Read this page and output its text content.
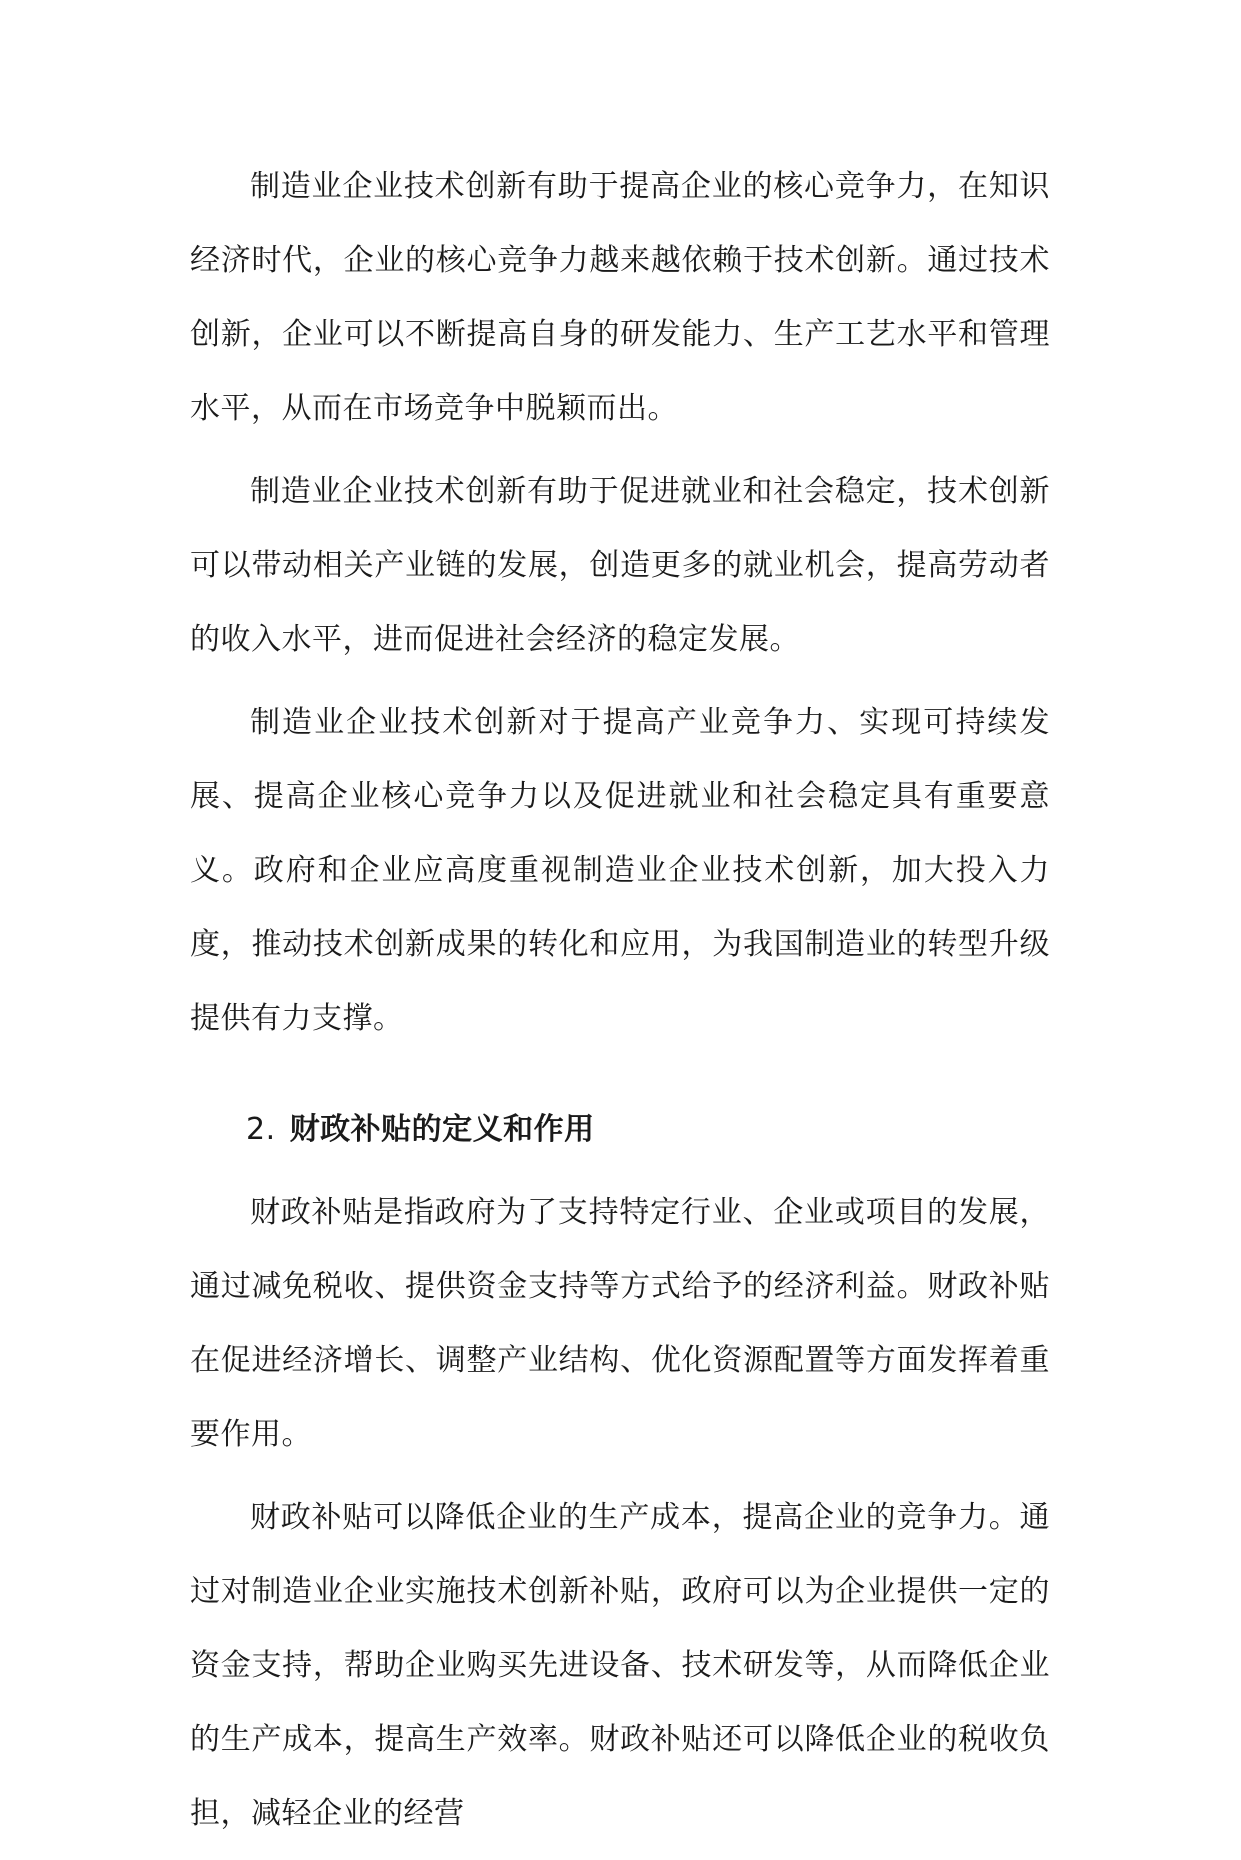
制造业企业技术创新有助于提高企业的核心竞争力，在知识经济时代，企业的核心竞争力越来越依赖于技术创新。通过技术创新，企业可以不断提高自身的研发能力、生产工艺水平和管理水平，从而在市场竞争中脱颖而出。

制造业企业技术创新有助于促进就业和社会稳定，技术创新可以带动相关产业链的发展，创造更多的就业机会，提高劳动者的收入水平，进而促进社会经济的稳定发展。

制造业企业技术创新对于提高产业竞争力、实现可持续发展、提高企业核心竞争力以及促进就业和社会稳定具有重要意义。政府和企业应高度重视制造业企业技术创新，加大投入力度，推动技术创新成果的转化和应用，为我国制造业的转型升级提供有力支撑。

2. 财政补贴的定义和作用

财政补贴是指政府为了支持特定行业、企业或项目的发展，通过减免税收、提供资金支持等方式给予的经济利益。财政补贴在促进经济增长、调整产业结构、优化资源配置等方面发挥着重要作用。

财政补贴可以降低企业的生产成本，提高企业的竞争力。通过对制造业企业实施技术创新补贴，政府可以为企业提供一定的资金支持，帮助企业购买先进设备、技术研发等，从而降低企业的生产成本，提高生产效率。财政补贴还可以降低企业的税收负担，减轻企业的经营
